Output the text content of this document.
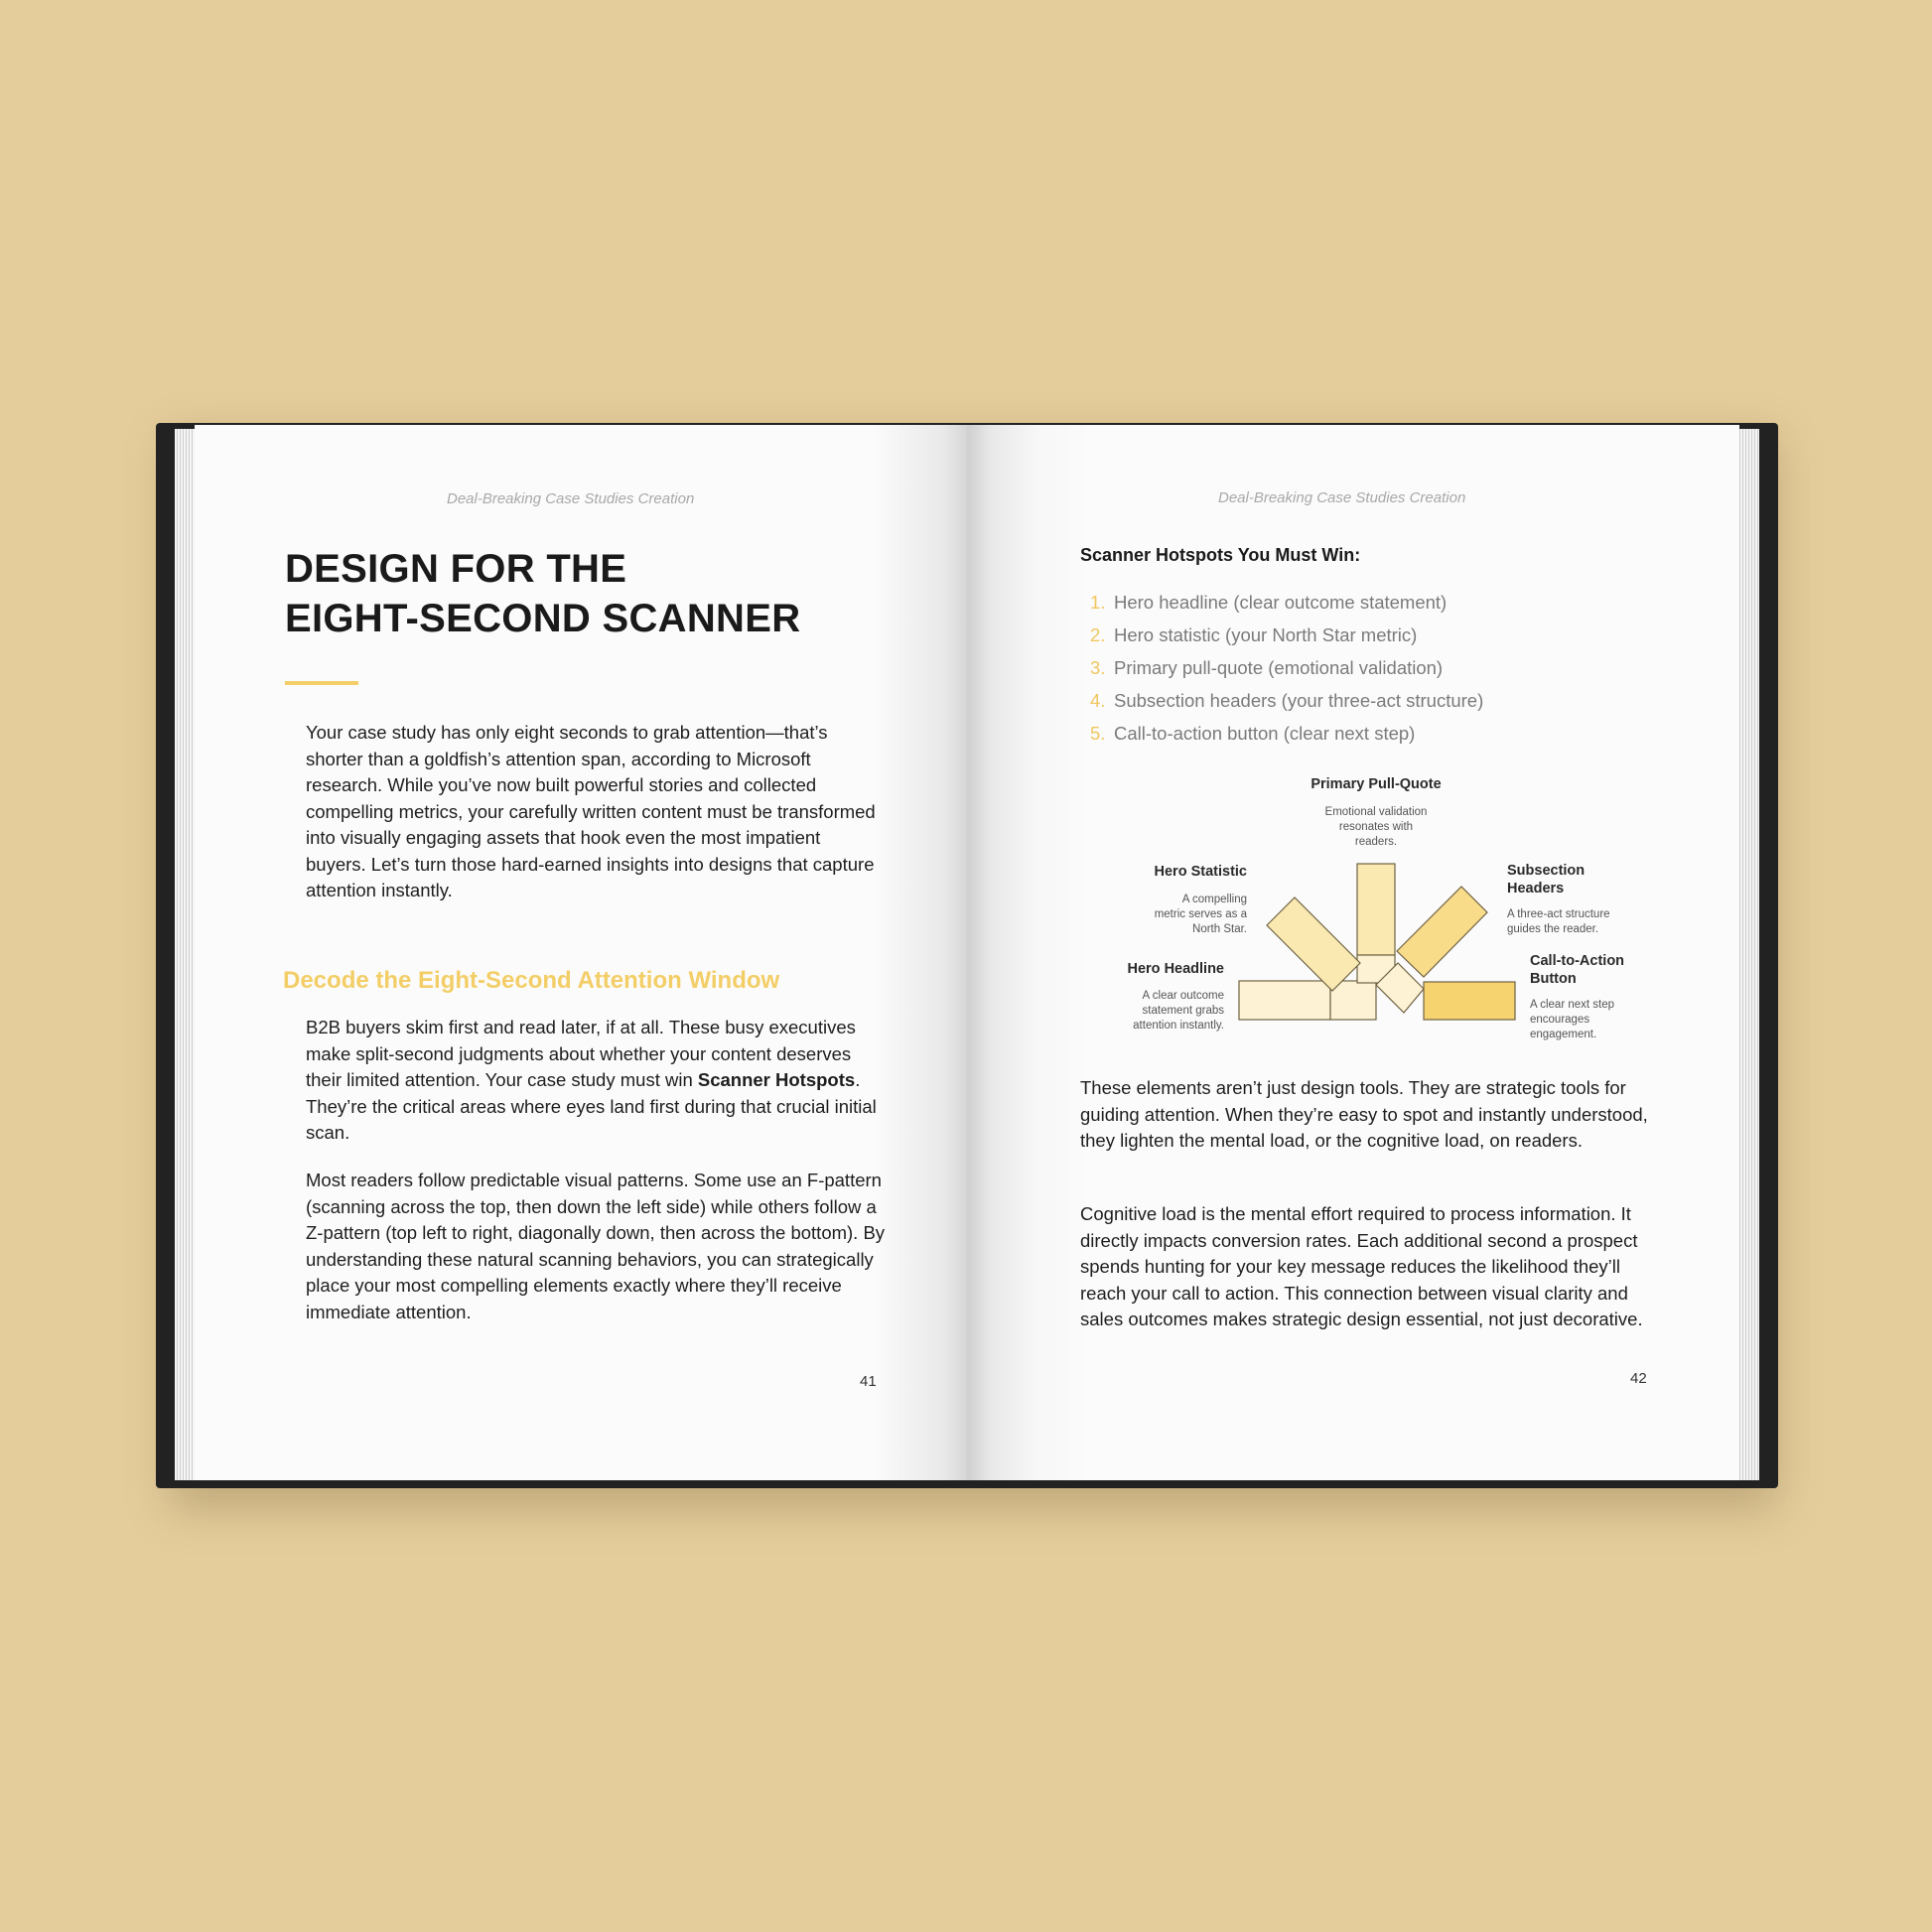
Deal-Breaking Case Studies Creation
DESIGN FOR THE
EIGHT-SECOND SCANNER

Your case study has only eight seconds to grab attention—that’s shorter than a goldfish’s attention span, according to Microsoft research. While you’ve now built powerful stories and collected compelling metrics, your carefully written content must be transformed into visually engaging assets that hook even the most impatient buyers. Let’s turn those hard-earned insights into designs that capture attention instantly.

Decode the Eight-Second Attention Window

B2B buyers skim first and read later, if at all. These busy executives make split-second judgments about whether your content deserves their limited attention. Your case study must win Scanner Hotspots. They’re the critical areas where eyes land first during that crucial initial scan.

Most readers follow predictable visual patterns. Some use an F-pattern (scanning across the top, then down the left side) while others follow a Z-pattern (top left to right, diagonally down, then across the bottom). By understanding these natural scanning behaviors, you can strategically place your most compelling elements exactly where they’ll receive immediate attention.

41
Deal-Breaking Case Studies Creation
Scanner Hotspots You Must Win:
1. Hero headline (clear outcome statement)
2. Hero statistic (your North Star metric)
3. Primary pull-quote (emotional validation)
4. Subsection headers (your three-act structure)
5. Call-to-action button (clear next step)
Primary Pull-Quote
Emotional validation
resonates with
readers.
Hero Statistic
A compelling
metric serves as a
North Star.
Subsection
Headers
A three-act structure
guides the reader.
Hero Headline
A clear outcome
statement grabs
attention instantly.
Call-to-Action
Button
A clear next step
encourages
engagement.

These elements aren’t just design tools. They are strategic tools for guiding attention. When they’re easy to spot and instantly understood, they lighten the mental load, or the cognitive load, on readers.

Cognitive load is the mental effort required to process information. It directly impacts conversion rates. Each additional second a prospect spends hunting for your key message reduces the likelihood they’ll reach your call to action. This connection between visual clarity and sales outcomes makes strategic design essential, not just decorative.

42
